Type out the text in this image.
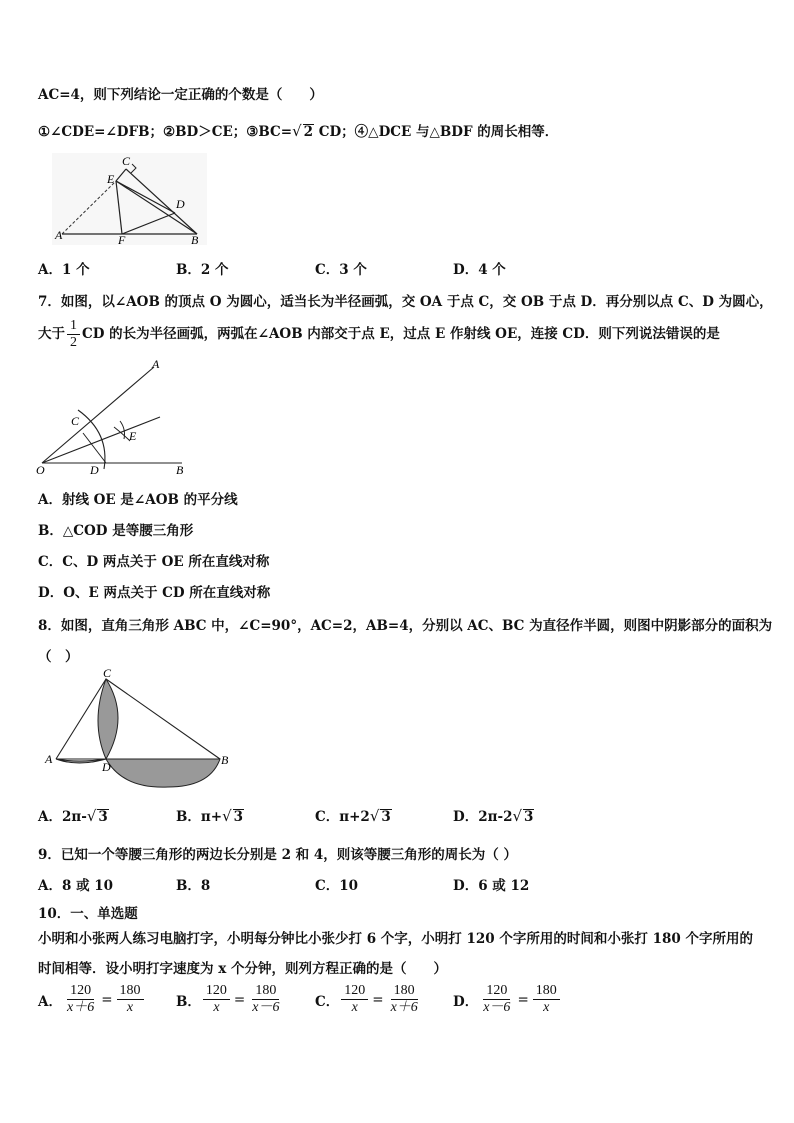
AC=4，则下列结论一定正确的个数是（　　）
①∠CDE=∠DFB；②BD＞CE；③BC=√ 2 CD；④△DCE 与△BDF 的周长相等．
C
E
D
A	F	B
A．1 个	B．2 个	C．3 个	D．4 个
7．如图，以∠AOB 的顶点 O 为圆心，适当长为半径画弧，交 OA 于点 C，交 OB 于点 D．再分别以点 C、D 为圆心，
大于 $\frac{1}{2}$ CD 的长为半径画弧，两弧在∠AOB 内部交于点 E，过点 E 作射线 OE，连接 CD．则下列说法错误的是
A
C
E
O	D	B
A．射线 OE 是∠AOB 的平分线
B．△COD 是等腰三角形
C．C、D 两点关于 OE 所在直线对称
D．O、E 两点关于 CD 所在直线对称
8．如图，直角三角形 ABC 中，∠C=90°，AC=2，AB=4，分别以 AC、BC 为直径作半圆，则图中阴影部分的面积为
（　）
C
A
D	B
A．2π-√ 3	B．π+√ 3	C．π+2√ 3	D．2π-2√ 3
9．已知一个等腰三角形的两边长分别是 2 和 4，则该等腰三角形的周长为（ ）
A．8 或 10	B．8	C．10	D．6 或 12
10．一、单选题
小明和小张两人练习电脑打字，小明每分钟比小张少打 6 个字，小明打 120 个字所用的时间和小张打 180 个字所用的
时间相等．设小明打字速度为 x 个分钟，则列方程正确的是（　　）
A． $\frac{120}{x+6} = \frac{180}{x}$ B． $\frac{120}{x} = \frac{180}{x-6}$ C． $\frac{120}{x} = \frac{180}{x+6}$ D． $\frac{120}{x-6} = \frac{180}{x}$
